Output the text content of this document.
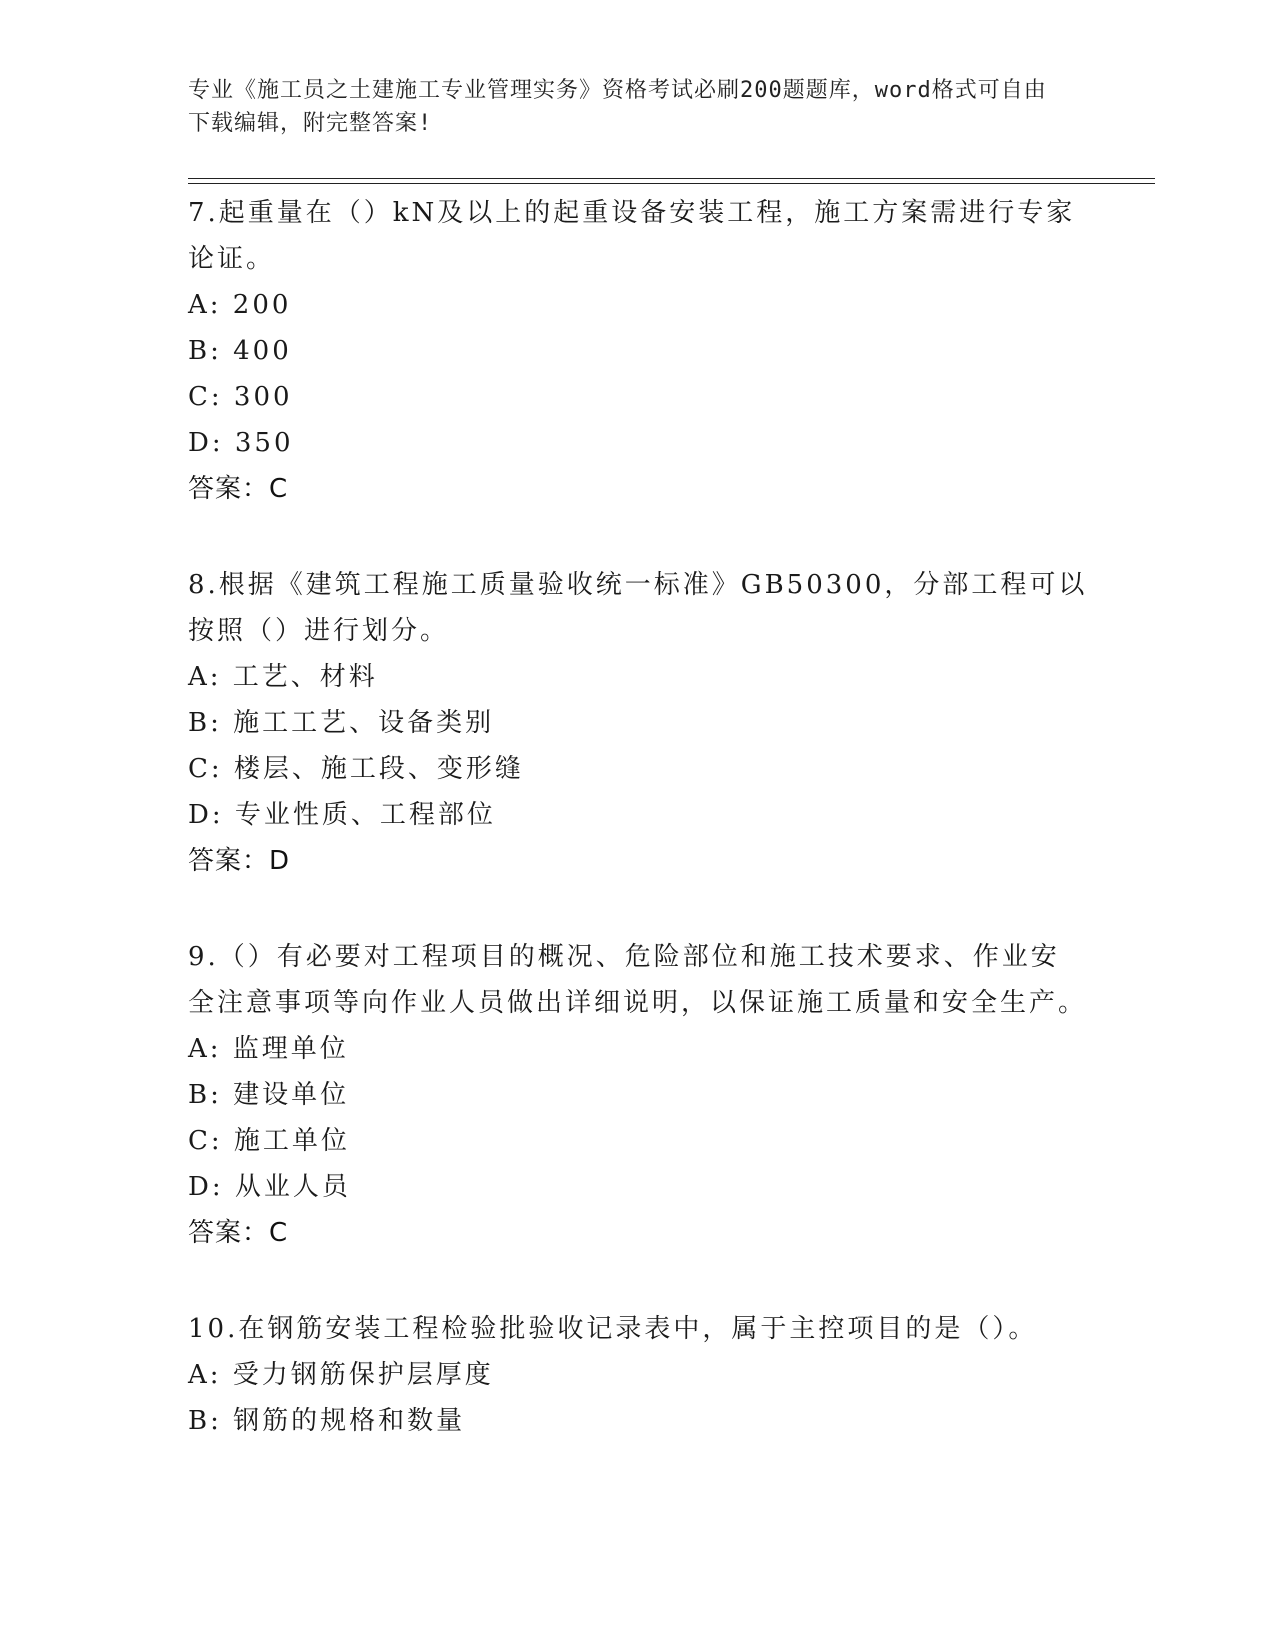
专业《施工员之土建施工专业管理实务》资格考试必刷200题题库，word格式可自由下载编辑，附完整答案!
7.起重量在（）kN及以上的起重设备安装工程，施工方案需进行专家论证。
A: 200
B: 400
C: 300
D: 350
答案：C
8.根据《建筑工程施工质量验收统一标准》GB50300，分部工程可以按照（）进行划分。
A: 工艺、材料
B: 施工工艺、设备类别
C: 楼层、施工段、变形缝
D: 专业性质、工程部位
答案：D
9.（）有必要对工程项目的概况、危险部位和施工技术要求、作业安全注意事项等向作业人员做出详细说明，以保证施工质量和安全生产。
A: 监理单位
B: 建设单位
C: 施工单位
D: 从业人员
答案：C
10.在钢筋安装工程检验批验收记录表中，属于主控项目的是（）。
A: 受力钢筋保护层厚度
B: 钢筋的规格和数量
